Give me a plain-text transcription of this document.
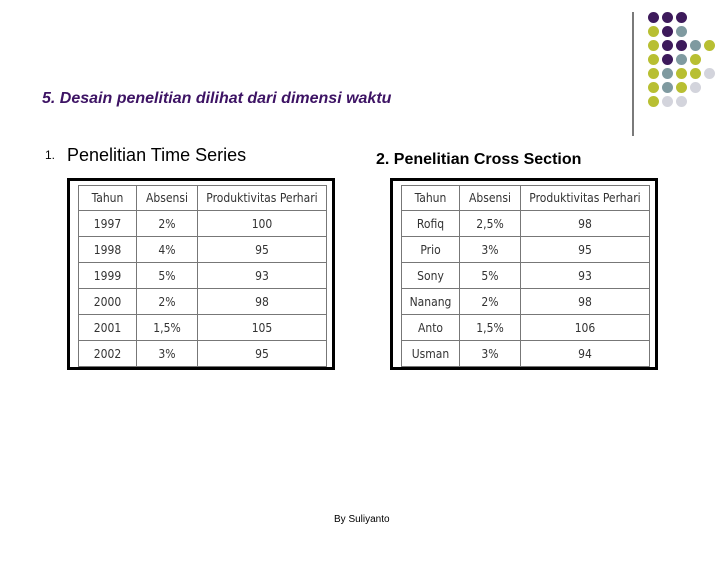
5. Desain penelitian dilihat dari dimensi waktu
1. Penelitian Time Series	2. Penelitian Cross Section
Tahun	Absensi	Produktivitas Perhari
1997	2%	100
1998	4%	95
1999	5%	93
2000	2%	98
2001	1,5%	105
2002	3%	95
Tahun	Absensi	Produktivitas Perhari
Rofiq	2,5%	98
Prio	3%	95
Sony	5%	93
Nanang	2%	98
Anto	1,5%	106
Usman	3%	94
By Suliyanto
